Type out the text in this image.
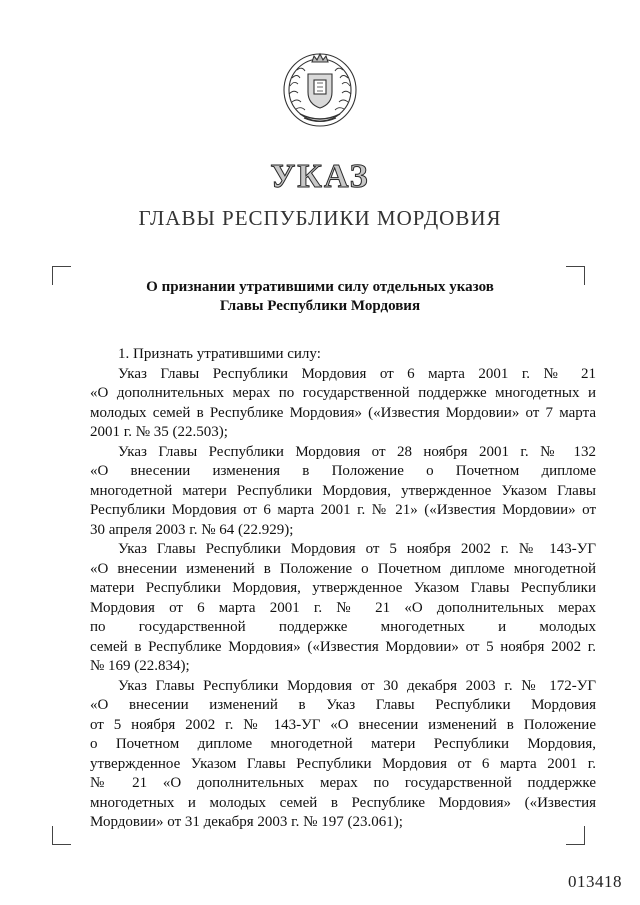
УКАЗ
ГЛАВЫ РЕСПУБЛИКИ МОРДОВИЯ
О признании утратившими силу отдельных указов
Главы Республики Мордовия
1. Признать утратившими силу:
Указ Главы Республики Мордовия от 6 марта 2001 г. № 21
«О дополнительных мерах по государственной поддержке многодетных и
молодых семей в Республике Мордовия» («Известия Мордовии» от 7 марта
2001 г. № 35 (22.503);
Указ Главы Республики Мордовия от 28 ноября 2001 г. № 132
«О внесении изменения в Положение о Почетном дипломе
многодетной матери Республики Мордовия, утвержденное Указом Главы
Республики Мордовия от 6 марта 2001 г. № 21» («Известия Мордовии» от
30 апреля 2003 г. № 64 (22.929);
Указ Главы Республики Мордовия от 5 ноября 2002 г. № 143-УГ
«О внесении изменений в Положение о Почетном дипломе многодетной
матери Республики Мордовия, утвержденное Указом Главы Республики
Мордовия от 6 марта 2001 г. № 21 «О дополнительных мерах
по государственной поддержке многодетных и молодых
семей в Республике Мордовия» («Известия Мордовии» от 5 ноября 2002 г.
№ 169 (22.834);
Указ Главы Республики Мордовия от 30 декабря 2003 г. № 172-УГ
«О внесении изменений в Указ Главы Республики Мордовия
от 5 ноября 2002 г. № 143-УГ «О внесении изменений в Положение
о Почетном дипломе многодетной матери Республики Мордовия,
утвержденное Указом Главы Республики Мордовия от 6 марта 2001 г.
№ 21 «О дополнительных мерах по государственной поддержке
многодетных и молодых семей в Республике Мордовия» («Известия
Мордовии» от 31 декабря 2003 г. № 197 (23.061);
013418
